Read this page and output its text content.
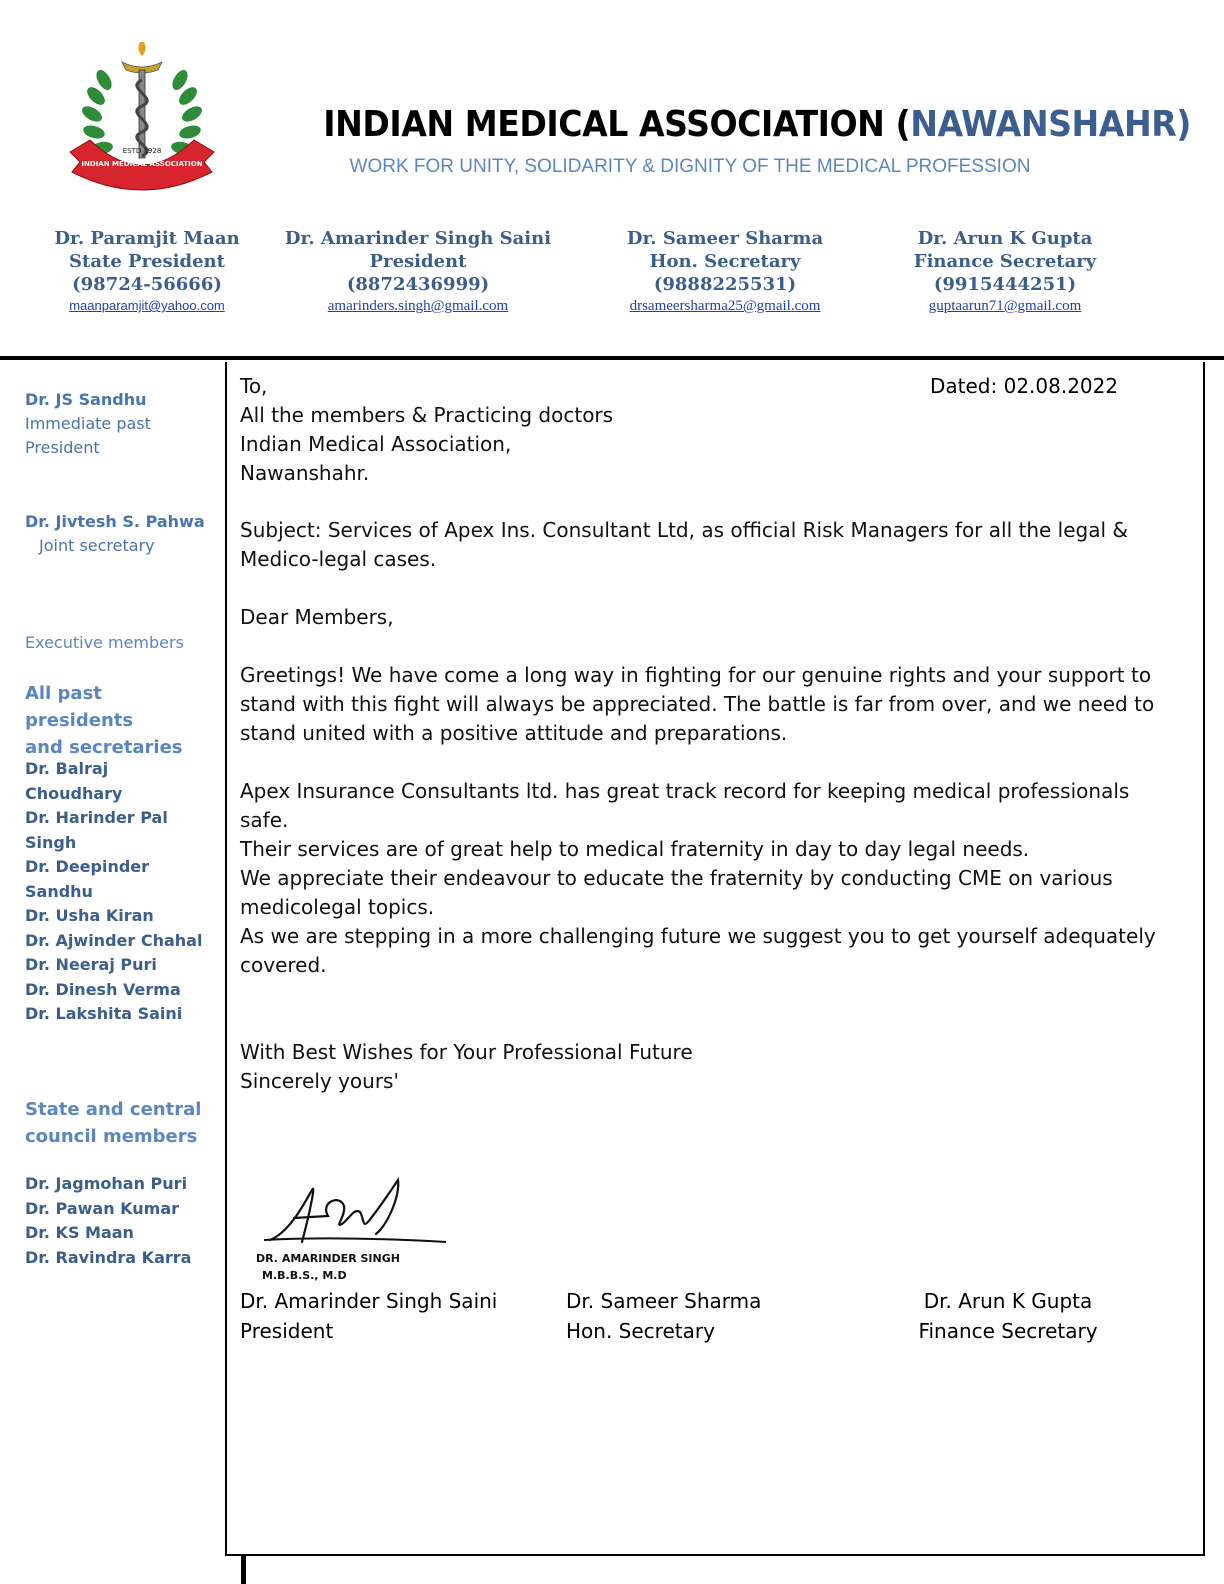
INDIAN MEDICAL ASSOCIATION
ESTD 1928
INDIAN MEDICAL ASSOCIATION (NAWANSHAHR)
WORK FOR UNITY, SOLIDARITY & DIGNITY OF THE MEDICAL PROFESSION
Dr. Paramjit Maan
State President
(98724-56666)
maanparamjit@yahoo.com
Dr. Amarinder Singh Saini
President
(8872436999)
amarinders.singh@gmail.com
Dr. Sameer Sharma
Hon. Secretary
(9888225531)
drsameersharma25@gmail.com
Dr. Arun K Gupta
Finance Secretary
(9915444251)
guptaarun71@gmail.com
Dr. JS Sandhu
Immediate past
President
Dr. Jivtesh S. Pahwa
Joint secretary
Executive members
All past presidents
and secretaries
Dr. Balraj Choudhary
Dr. Harinder Pal
Singh
Dr. Deepinder
Sandhu
Dr. Usha Kiran
Dr. Ajwinder Chahal
Dr. Neeraj Puri
Dr. Dinesh Verma
Dr. Lakshita Saini
State and central
council members
Dr. Jagmohan Puri
Dr. Pawan Kumar
Dr. KS Maan
Dr. Ravindra Karra
Dated: 02.08.2022
To,
All the members & Practicing doctors
Indian Medical Association,
Nawanshahr.
Subject: Services of Apex Ins. Consultant Ltd, as official Risk Managers for all the legal &
Medico-legal cases.
Dear Members,
Greetings! We have come a long way in fighting for our genuine rights and your support to
stand with this fight will always be appreciated. The battle is far from over, and we need to
stand united with a positive attitude and preparations.
Apex Insurance Consultants ltd. has great track record for keeping medical professionals safe.
Their services are of great help to medical fraternity in day to day legal needs.
We appreciate their endeavour to educate the fraternity by conducting CME on various
medicolegal topics.
As we are stepping in a more challenging future we suggest you to get yourself adequately
covered.
With Best Wishes for Your Professional Future
Sincerely yours'
DR. AMARINDER SINGH
M.B.B.S., M.D
Dr. Amarinder Singh Saini
President
Dr. Sameer Sharma
Hon. Secretary
Dr. Arun K Gupta
Finance Secretary
